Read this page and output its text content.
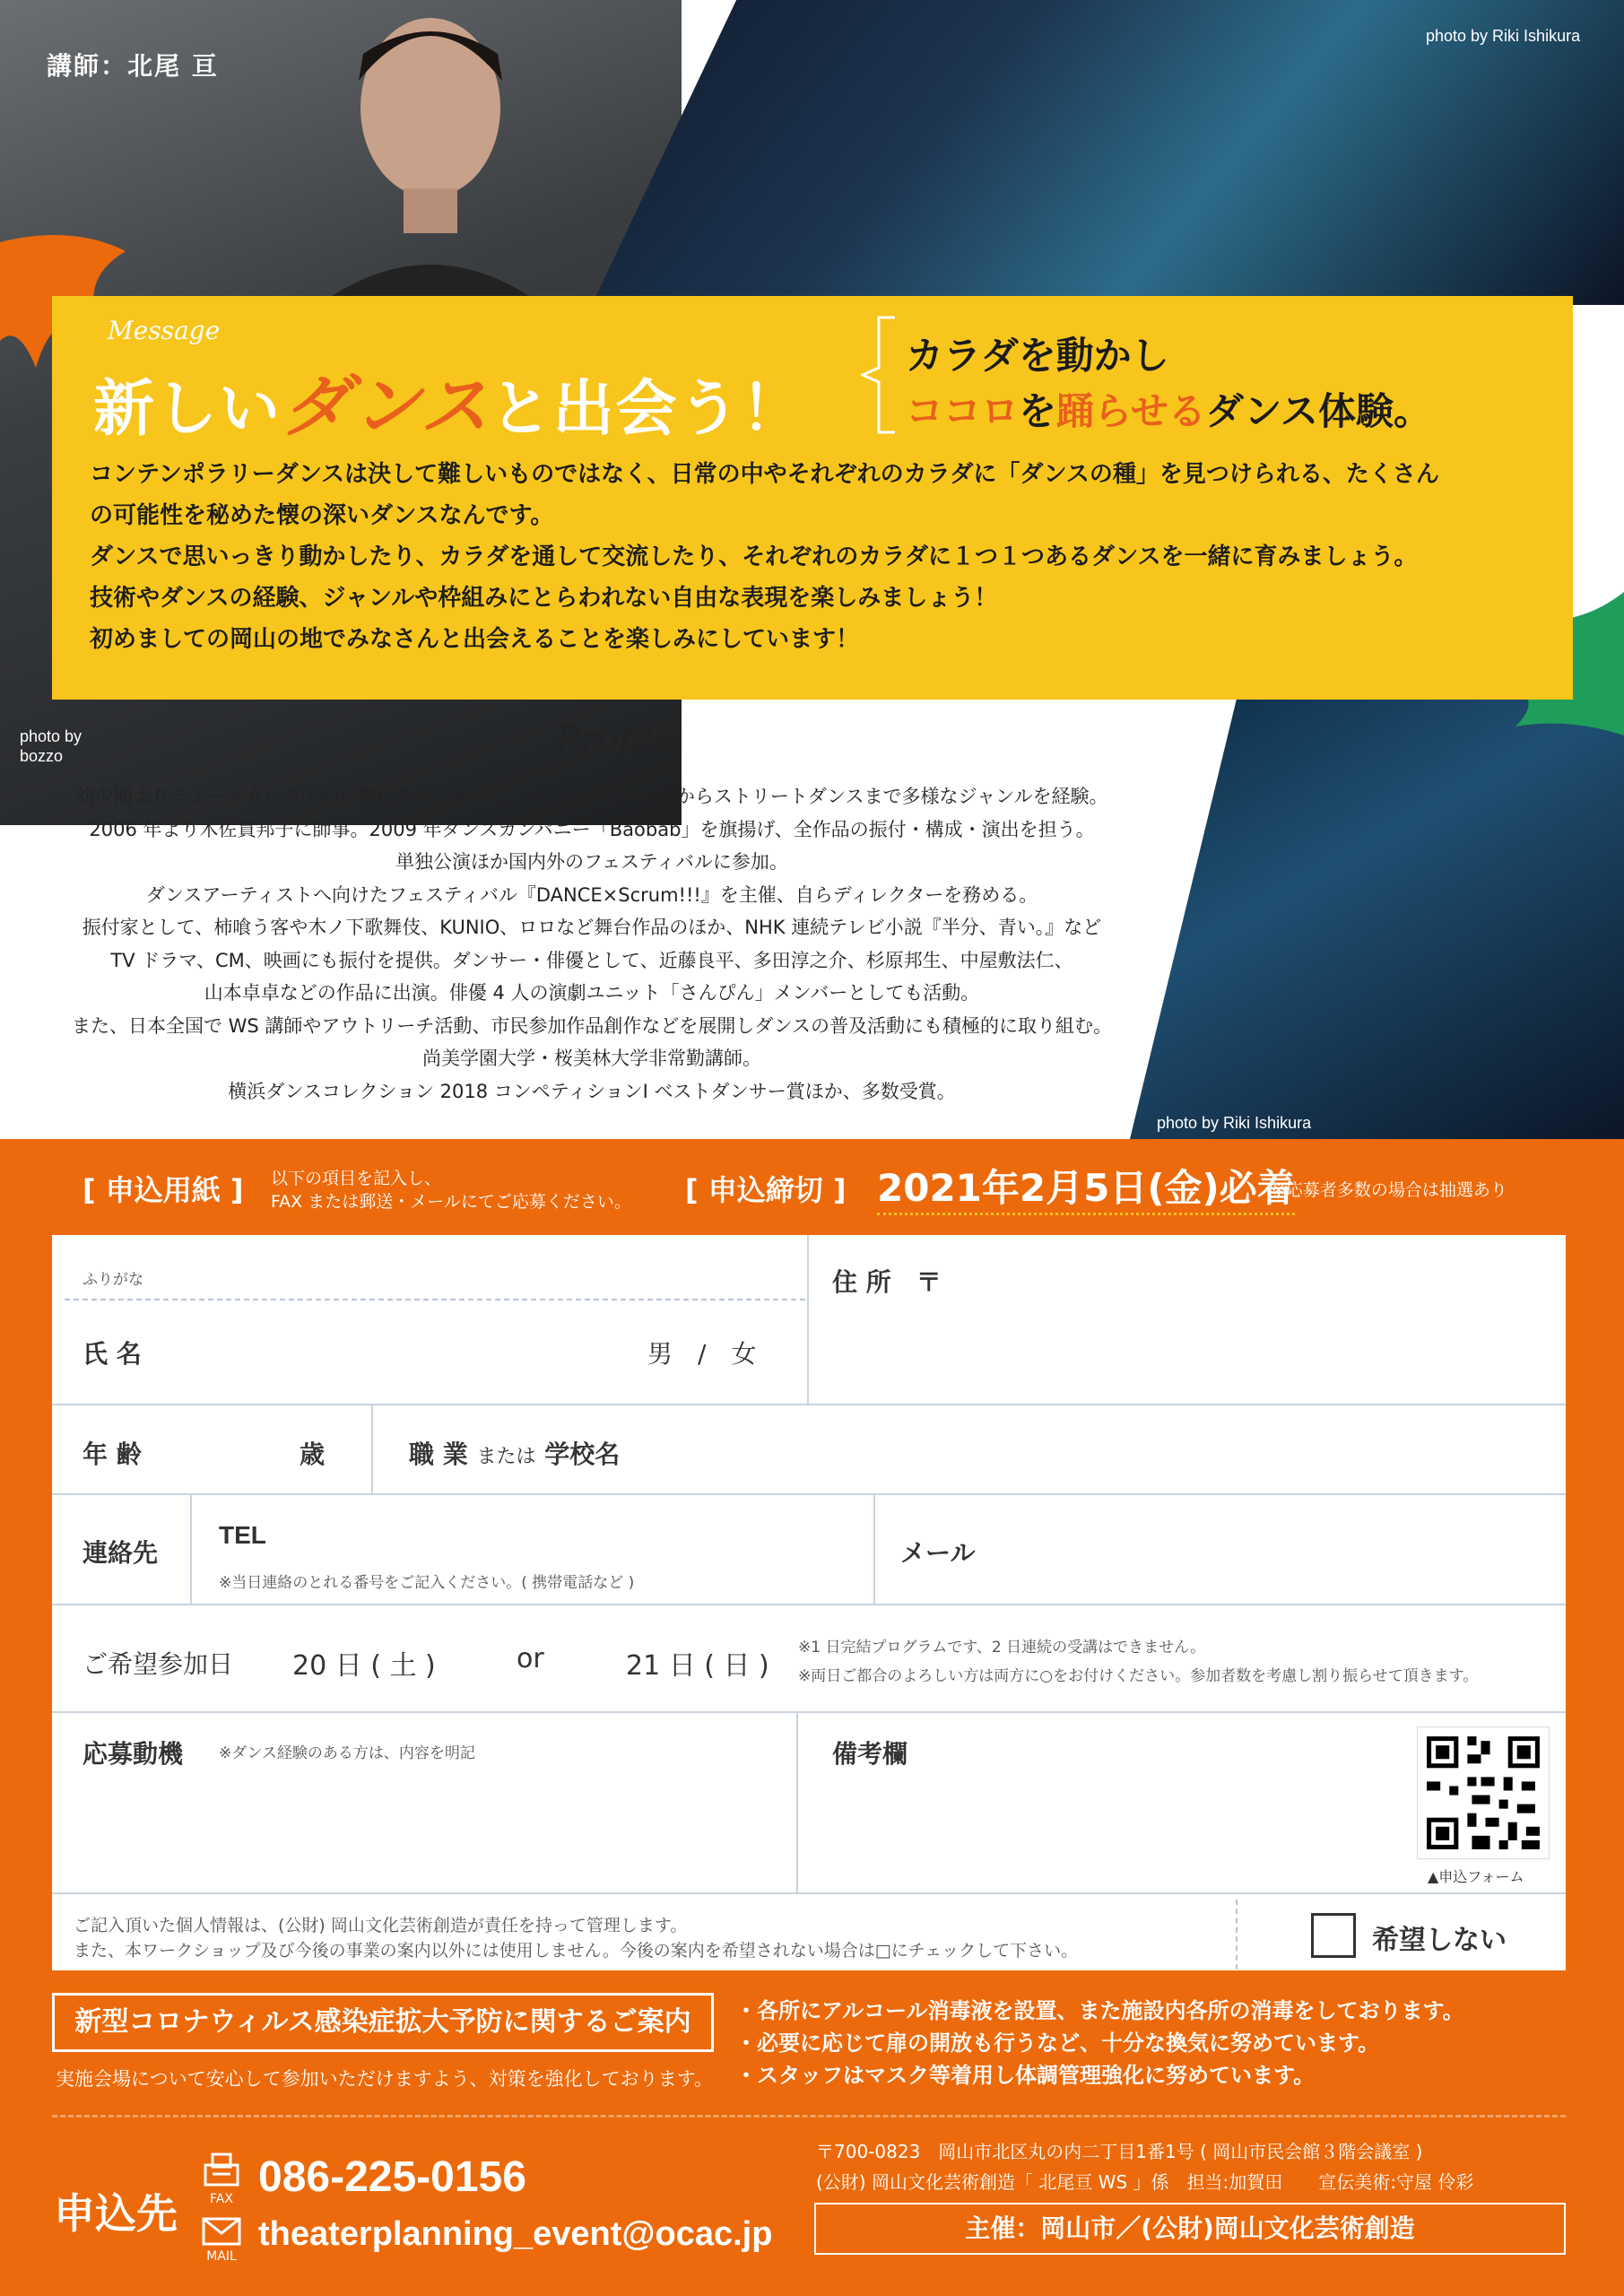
講師：北尾 亘
photo by Riki Ishikura
photo by
bozzo
photo by Riki Ishikura
Message
新しいダンスと出会う！
カラダを動かし
ココロを踊らせるダンス体験。
コンテンポラリーダンスは決して難しいものではなく、日常の中やそれぞれのカラダに「ダンスの種」を見つけられる、たくさん
の可能性を秘めた懐の深いダンスなんです。
ダンスで思いっきり動かしたり、カラダを通して交流したり、それぞれのカラダに１つ１つあるダンスを一緒に育みましょう。
技術やダンスの経験、ジャンルや枠組みにとらわれない自由な表現を楽しみましょう！
初めましての岡山の地でみなさんと出会えることを楽しみにしています！
Profile
幼少期よりミュージカルを中心に舞台芸術に関わり、クラシックバレエからストリートダンスまで多様なジャンルを経験。
2006 年より木佐貫邦子に師事。2009 年ダンスカンパニー「Baobab」を旗揚げ、全作品の振付・構成・演出を担う。
単独公演ほか国内外のフェスティバルに参加。
ダンスアーティストへ向けたフェスティバル『DANCE×Scrum!!!』を主催、自らディレクターを務める。
振付家として、柿喰う客や木ノ下歌舞伎、KUNIO、ロロなど舞台作品のほか、NHK 連続テレビ小説『半分、青い。』など
TV ドラマ、CM、映画にも振付を提供。ダンサー・俳優として、近藤良平、多田淳之介、杉原邦生、中屋敷法仁、
山本卓卓などの作品に出演。俳優 4 人の演劇ユニット「さんぴん」メンバーとしても活動。
また、日本全国で WS 講師やアウトリーチ活動、市民参加作品創作などを展開しダンスの普及活動にも積極的に取り組む。
尚美学園大学・桜美林大学非常勤講師。
横浜ダンスコレクション 2018 コンペティションⅠ ベストダンサー賞ほか、多数受賞。
[ 申込用紙 ] 以下の項目を記入し、
FAX または郵送・メールにてご応募ください。 [ 申込締切 ] 2021年2月5日(金)必着
※応募者多数の場合は抽選あり
ふりがな
氏 名	男　/　女
住 所　〒
年 齢	歳	職 業 または 学校名
連絡先
TEL
※当日連絡のとれる番号をご記入ください。( 携帯電話など )
メール
ご希望参加日 20 日 ( 土 )	or	21 日 ( 日 )
※1 日完結プログラムです、2 日連続の受講はできません。
※両日ご都合のよろしい方は両方に○をお付けください。参加者数を考慮し割り振らせて頂きます。
応募動機 ※ダンス経験のある方は、内容を明記	備考欄
▲申込フォーム
ご記入頂いた個人情報は、(公財) 岡山文化芸術創造が責任を持って管理します。
また、本ワークショップ及び今後の事業の案内以外には使用しません。今後の案内を希望されない場合は□にチェックして下さい。	希望しない
新型コロナウィルス感染症拡大予防に関するご案内
実施会場について安心して参加いただけますよう、対策を強化しております。
・各所にアルコール消毒液を設置、また施設内各所の消毒をしております。
・必要に応じて扉の開放も行うなど、十分な換気に努めています。
・スタッフはマスク等着用し体調管理強化に努めています。
申込先	FAX
MAIL
086-225-0156
theaterplanning_event@ocac.jp
〒700-0823　岡山市北区丸の内二丁目1番1号 ( 岡山市民会館３階会議室 )
(公財) 岡山文化芸術創造「 北尾亘 WS 」係　担当:加賀田　　宣伝美術:守屋 伶彩
主催：岡山市／(公財)岡山文化芸術創造
